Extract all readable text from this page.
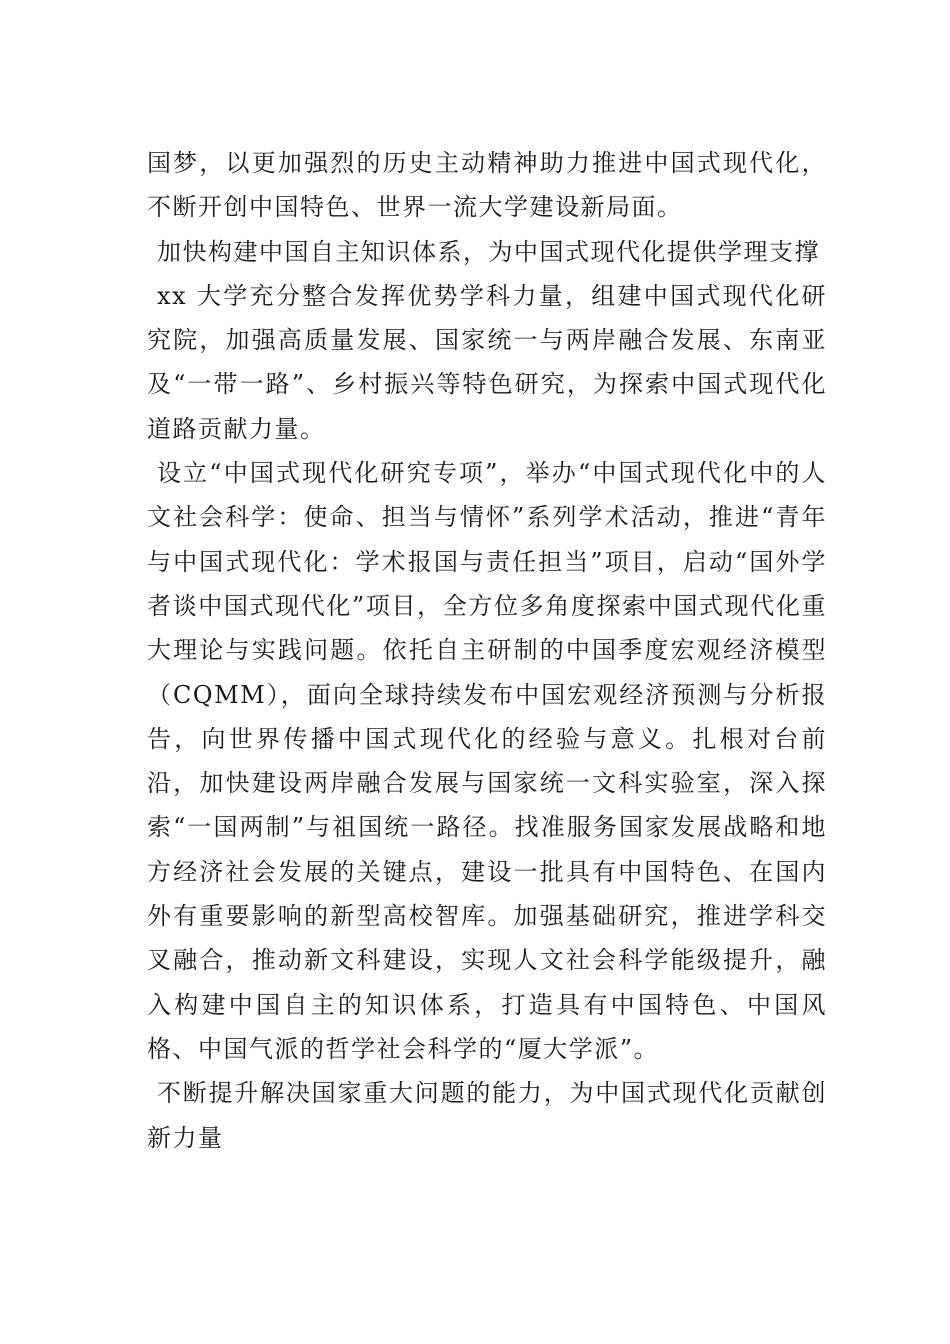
国梦，以更加强烈的历史主动精神助力推进中国式现代化，不断开创中国特色、世界一流大学建设新局面。

加快构建中国自主知识体系，为中国式现代化提供学理支撑

xx 大学充分整合发挥优势学科力量，组建中国式现代化研究院，加强高质量发展、国家统一与两岸融合发展、东南亚及“一带一路”、乡村振兴等特色研究，为探索中国式现代化道路贡献力量。

设立“中国式现代化研究专项”，举办“中国式现代化中的人文社会科学：使命、担当与情怀”系列学术活动，推进“青年与中国式现代化：学术报国与责任担当”项目，启动“国外学者谈中国式现代化”项目，全方位多角度探索中国式现代化重大理论与实践问题。依托自主研制的中国季度宏观经济模型（CQMM），面向全球持续发布中国宏观经济预测与分析报告，向世界传播中国式现代化的经验与意义。扎根对台前沿，加快建设两岸融合发展与国家统一文科实验室，深入探索“一国两制”与祖国统一路径。找准服务国家发展战略和地方经济社会发展的关键点，建设一批具有中国特色、在国内外有重要影响的新型高校智库。加强基础研究，推进学科交叉融合，推动新文科建设，实现人文社会科学能级提升，融入构建中国自主的知识体系，打造具有中国特色、中国风格、中国气派的哲学社会科学的“厦大学派”。

不断提升解决国家重大问题的能力，为中国式现代化贡献创新力量
